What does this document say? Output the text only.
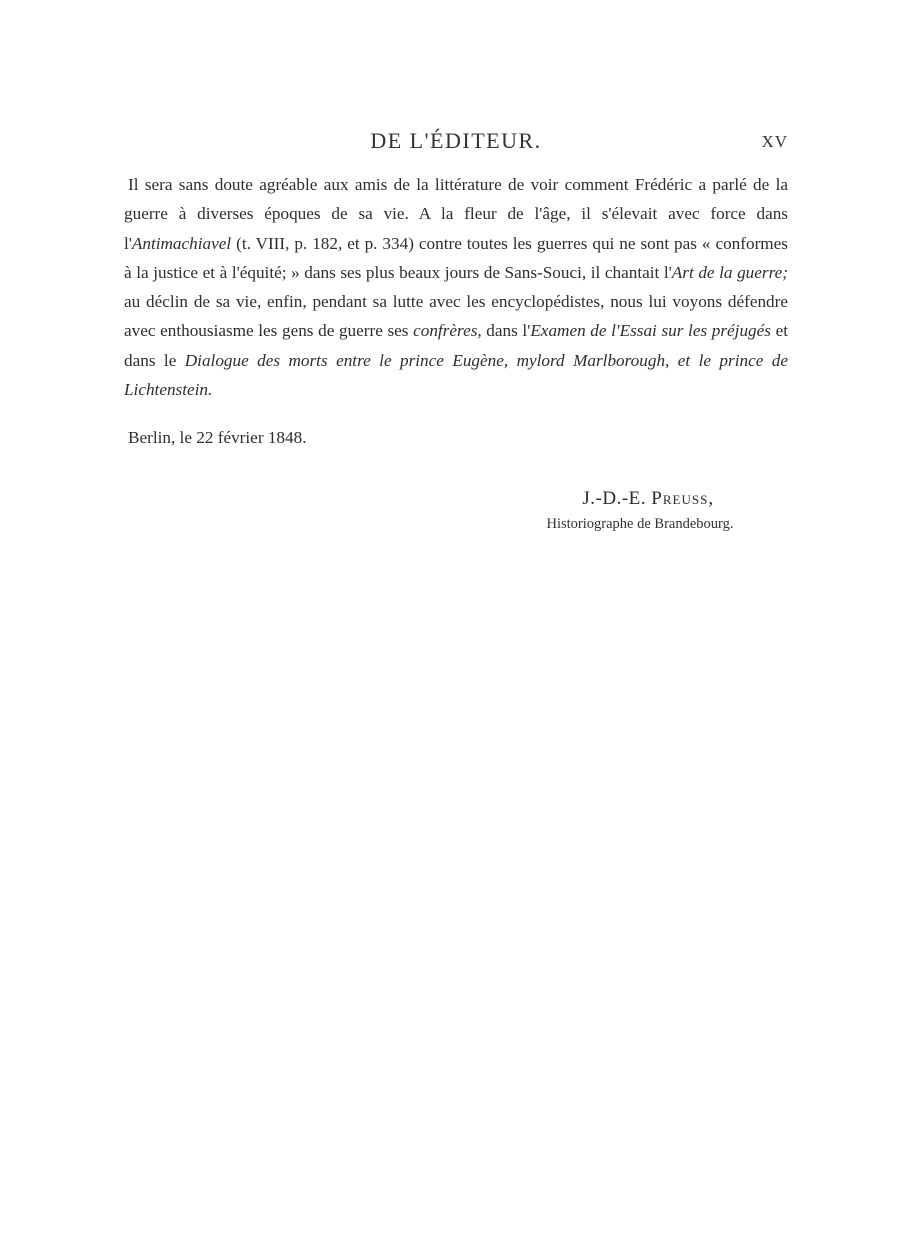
DE L'ÉDITEUR.	XV

Il sera sans doute agréable aux amis de la littérature de voir comment Frédéric a parlé de la guerre à diverses époques de sa vie. A la fleur de l'âge, il s'élevait avec force dans l'Antimachiavel (t. VIII, p. 182, et p. 334) contre toutes les guerres qui ne sont pas « conformes à la justice et à l'équité; » dans ses plus beaux jours de Sans-Souci, il chantait l'Art de la guerre; au déclin de sa vie, enfin, pendant sa lutte avec les encyclopédistes, nous lui voyons défendre avec enthousiasme les gens de guerre ses confrères, dans l'Examen de l'Essai sur les préjugés et dans le Dialogue des morts entre le prince Eugène, mylord Marlborough, et le prince de Lichtenstein.

Berlin, le 22 février 1848.
J.-D.-E. Preuss,
Historiographe de Brandebourg.
